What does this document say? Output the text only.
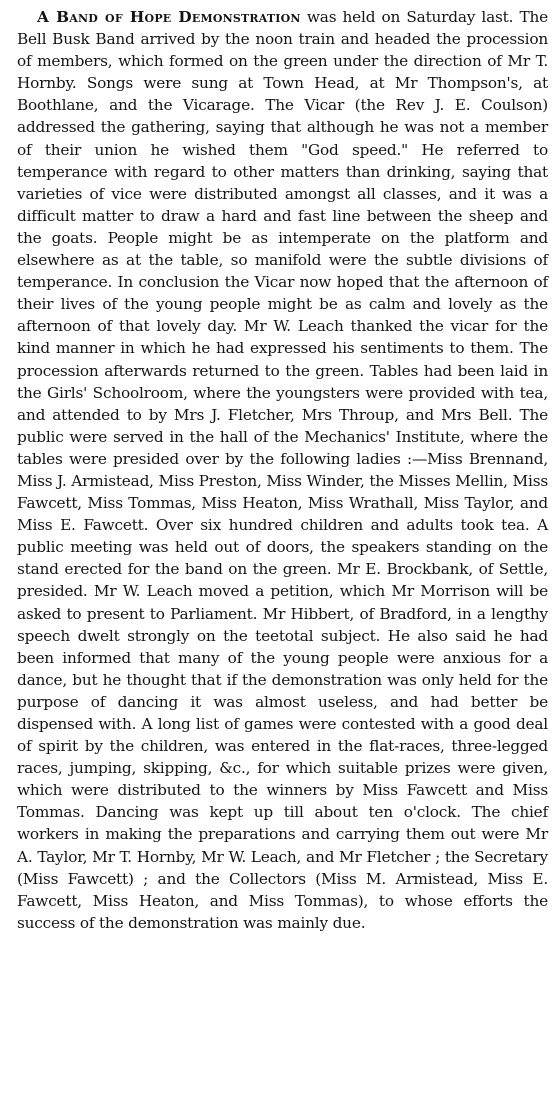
A Band of Hope Demonstration was held on Saturday last. The Bell Busk Band arrived by the noon train and headed the procession of members, which formed on the green under the direction of Mr T. Hornby. Songs were sung at Town Head, at Mr Thompson's, at Boothlane, and the Vicarage. The Vicar (the Rev J. E. Coulson) addressed the gathering, saying that although he was not a member of their union he wished them "God speed." He referred to temperance with regard to other matters than drinking, saying that varieties of vice were distributed amongst all classes, and it was a difficult matter to draw a hard and fast line between the sheep and the goats. People might be as intemperate on the platform and elsewhere as at the table, so manifold were the subtle divisions of temperance. In conclusion the Vicar now hoped that the afternoon of their lives of the young people might be as calm and lovely as the afternoon of that lovely day. Mr W. Leach thanked the vicar for the kind manner in which he had expressed his sentiments to them. The procession afterwards returned to the green. Tables had been laid in the Girls' Schoolroom, where the youngsters were provided with tea, and attended to by Mrs J. Fletcher, Mrs Throup, and Mrs Bell. The public were served in the hall of the Mechanics' Institute, where the tables were presided over by the following ladies :—Miss Brennand, Miss J. Armistead, Miss Preston, Miss Winder, the Misses Mellin, Miss Fawcett, Miss Tommas, Miss Heaton, Miss Wrathall, Miss Taylor, and Miss E. Fawcett. Over six hundred children and adults took tea. A public meeting was held out of doors, the speakers standing on the stand erected for the band on the green. Mr E. Brockbank, of Settle, presided. Mr W. Leach moved a petition, which Mr Morrison will be asked to present to Parliament. Mr Hibbert, of Bradford, in a lengthy speech dwelt strongly on the teetotal subject. He also said he had been informed that many of the young people were anxious for a dance, but he thought that if the demonstration was only held for the purpose of dancing it was almost useless, and had better be dispensed with. A long list of games were contested with a good deal of spirit by the children, was entered in the flat-races, three-legged races, jumping, skipping, &c., for which suitable prizes were given, which were distributed to the winners by Miss Fawcett and Miss Tommas. Dancing was kept up till about ten o'clock. The chief workers in making the preparations and carrying them out were Mr A. Taylor, Mr T. Hornby, Mr W. Leach, and Mr Fletcher ; the Secretary (Miss Fawcett) ; and the Collectors (Miss M. Armistead, Miss E. Fawcett, Miss Heaton, and Miss Tommas), to whose efforts the success of the demonstration was mainly due.
